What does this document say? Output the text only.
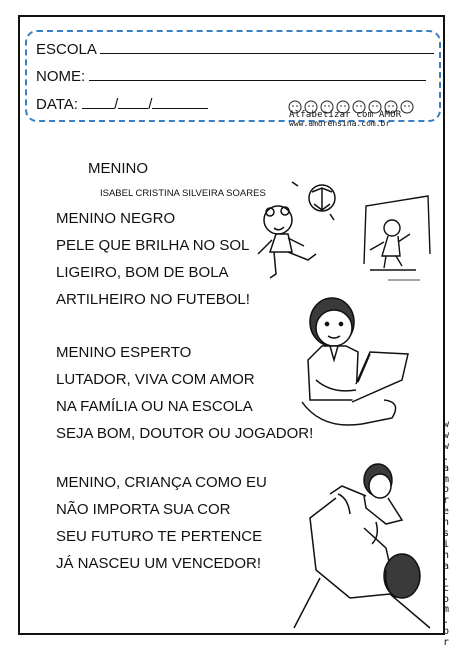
ESCOLA
NOME:
DATA: / /
Alfabetizar com AMOR
www.amorensina.com.br
MENINO
ISABEL CRISTINA SILVEIRA SOARES
MENINO NEGRO
PELE QUE BRILHA NO SOL
LIGEIRO, BOM DE BOLA
ARTILHEIRO NO FUTEBOL!
MENINO ESPERTO
LUTADOR, VIVA COM AMOR
NA FAMÍLIA OU NA ESCOLA
SEJA BOM, DOUTOR OU JOGADOR!
MENINO, CRIANÇA COMO EU
NÃO IMPORTA SUA COR
SEU FUTURO TE PERTENCE
JÁ NASCEU UM VENCEDOR!
w
w
w
.
a
m
o
r
e
n
s
i
n
a
.
c
o
m
.
b
r
